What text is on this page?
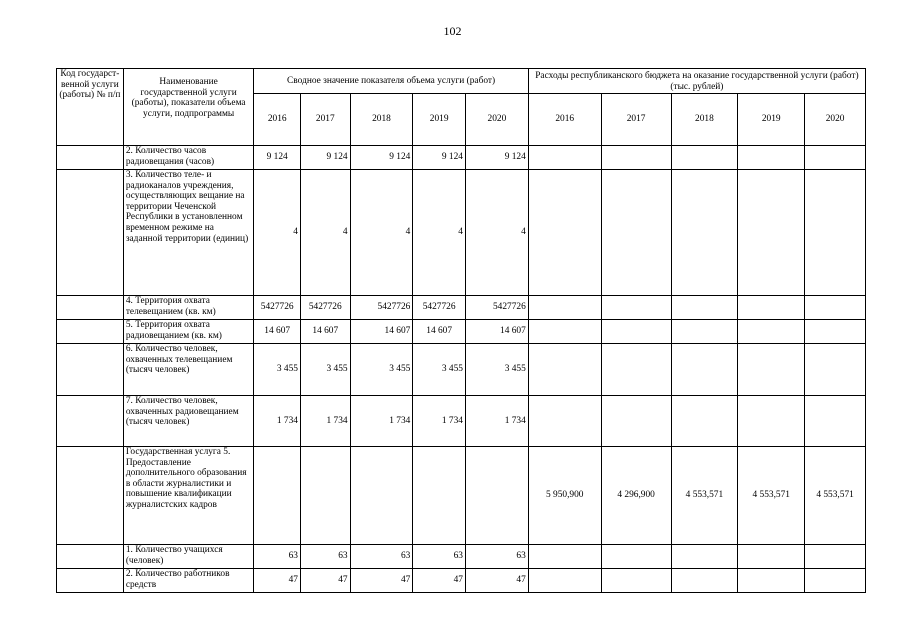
102
Код государст-венной услуги (работы) № п/п	Наименование государственной услуги (работы), показатели объема услуги, подпрограммы	Сводное значение показателя объема услуги (работ)					Расходы республиканского бюджета на оказание государственной услуги (работ) (тыс. рублей)				
		2016	2017	2018	2019	2020	2016	2017	2018	2019	2020
	2. Количество часов радиовещания (часов)	9 124	9 124	9 124	9 124	9 124					
	3. Количество теле- и радиоканалов учреждения, осуществляющих вещание на территории Чеченской Республики в установленном временном режиме на заданной территории (единиц)	4	4	4	4	4					
	4. Территория охвата телевещанием (кв. км)	5427726	5427726	5427726	5427726	5427726					
	5. Территория охвата радиовещанием (кв. км)	14 607	14 607	14 607	14 607	14 607					
	6. Количество человек, охваченных телевещанием (тысяч человек)	3 455	3 455	3 455	3 455	3 455					
	7. Количество человек, охваченных радиовещанием (тысяч человек)	1 734	1 734	1 734	1 734	1 734					
	Государственная услуга 5. Предоставление дополнительного образования в области журналистики и повышение квалификации журналистских кадров						5 950,900	4 296,900	4 553,571	4 553,571	4 553,571
	1. Количество учащихся (человек)	63	63	63	63	63					
	2. Количество работников средств	47	47	47	47	47					
